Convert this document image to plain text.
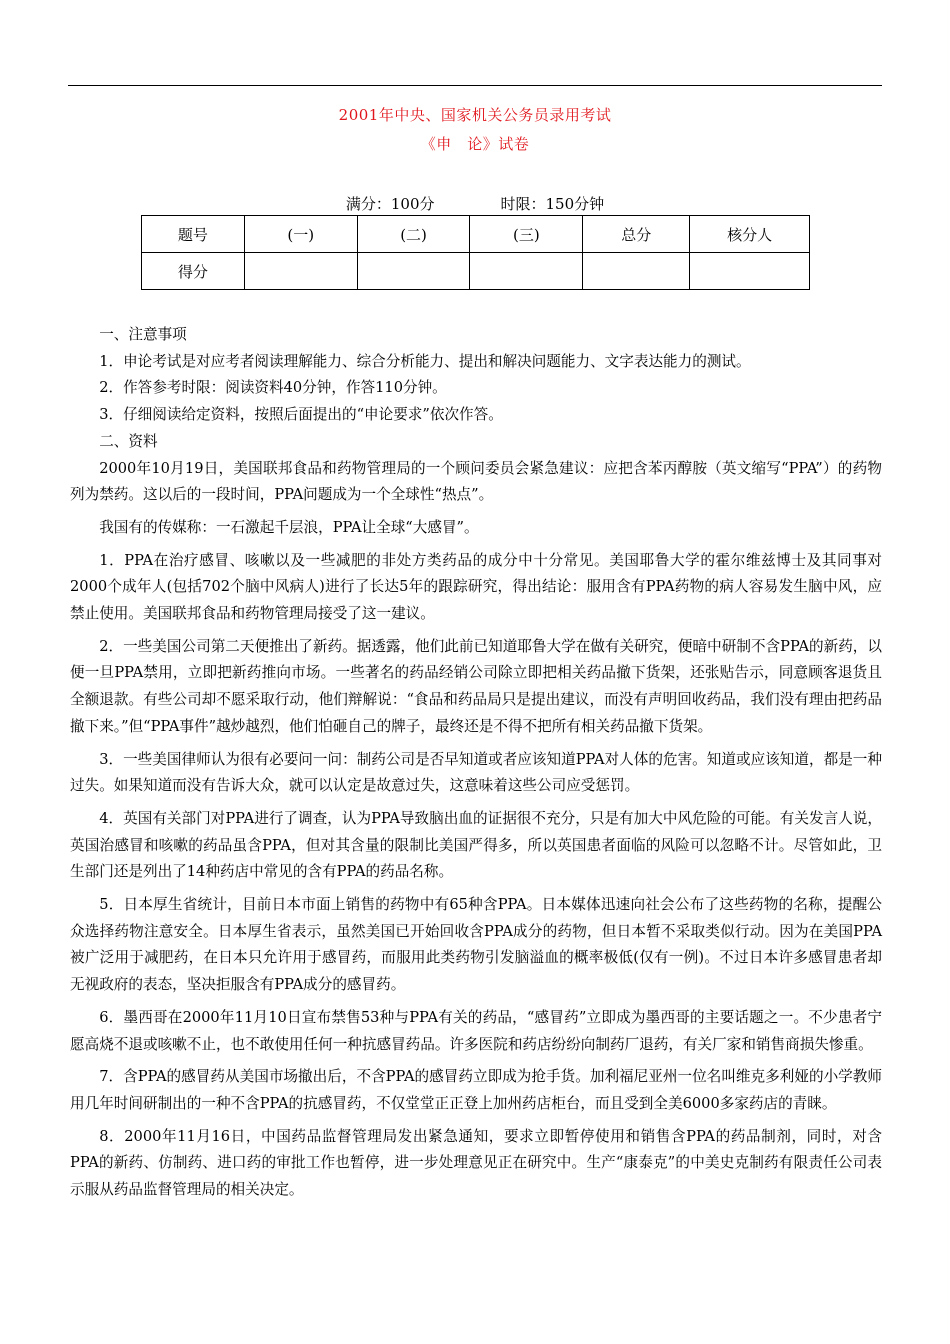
2001年中央、国家机关公务员录用考试
《申　论》试卷
满分：100分	时限：150分钟
题号	(一)	(二)	(三)	总分	核分人
得分					

一、注意事项

1．申论考试是对应考者阅读理解能力、综合分析能力、提出和解决问题能力、文字表达能力的测试。

2．作答参考时限：阅读资料40分钟，作答110分钟。

3．仔细阅读给定资料，按照后面提出的“申论要求”依次作答。

二、资料

2000年10月19日，美国联邦食品和药物管理局的一个顾问委员会紧急建议：应把含苯丙醇胺（英文缩写“PPA”）的药物列为禁药。这以后的一段时间，PPA问题成为一个全球性“热点”。

我国有的传媒称：一石激起千层浪，PPA让全球“大感冒”。

1．PPA在治疗感冒、咳嗽以及一些减肥的非处方类药品的成分中十分常见。美国耶鲁大学的霍尔维兹博士及其同事对2000个成年人(包括702个脑中风病人)进行了长达5年的跟踪研究，得出结论：服用含有PPA药物的病人容易发生脑中风，应禁止使用。美国联邦食品和药物管理局接受了这一建议。

2．一些美国公司第二天便推出了新药。据透露，他们此前已知道耶鲁大学在做有关研究，便暗中研制不含PPA的新药，以便一旦PPA禁用，立即把新药推向市场。一些著名的药品经销公司除立即把相关药品撤下货架，还张贴告示，同意顾客退货且全额退款。有些公司却不愿采取行动，他们辩解说：“食品和药品局只是提出建议，而没有声明回收药品，我们没有理由把药品撤下来。”但“PPA事件”越炒越烈，他们怕砸自己的牌子，最终还是不得不把所有相关药品撤下货架。

3．一些美国律师认为很有必要问一问：制药公司是否早知道或者应该知道PPA对人体的危害。知道或应该知道，都是一种过失。如果知道而没有告诉大众，就可以认定是故意过失，这意味着这些公司应受惩罚。

4．英国有关部门对PPA进行了调查，认为PPA导致脑出血的证据很不充分，只是有加大中风危险的可能。有关发言人说，英国治感冒和咳嗽的药品虽含PPA，但对其含量的限制比美国严得多，所以英国患者面临的风险可以忽略不计。尽管如此，卫生部门还是列出了14种药店中常见的含有PPA的药品名称。

5．日本厚生省统计，目前日本市面上销售的药物中有65种含PPA。日本媒体迅速向社会公布了这些药物的名称，提醒公众选择药物注意安全。日本厚生省表示，虽然美国已开始回收含PPA成分的药物，但日本暂不采取类似行动。因为在美国PPA被广泛用于减肥药，在日本只允许用于感冒药，而服用此类药物引发脑溢血的概率极低(仅有一例)。不过日本许多感冒患者却无视政府的表态，坚决拒服含有PPA成分的感冒药。

6．墨西哥在2000年11月10日宣布禁售53种与PPA有关的药品，“感冒药”立即成为墨西哥的主要话题之一。不少患者宁愿高烧不退或咳嗽不止，也不敢使用任何一种抗感冒药品。许多医院和药店纷纷向制药厂退药，有关厂家和销售商损失惨重。

7．含PPA的感冒药从美国市场撤出后，不含PPA的感冒药立即成为抢手货。加利福尼亚州一位名叫维克多利娅的小学教师用几年时间研制出的一种不含PPA的抗感冒药，不仅堂堂正正登上加州药店柜台，而且受到全美6000多家药店的青睐。

8．2000年11月16日，中国药品监督管理局发出紧急通知，要求立即暂停使用和销售含PPA的药品制剂，同时，对含PPA的新药、仿制药、进口药的审批工作也暂停，进一步处理意见正在研究中。生产“康泰克”的中美史克制药有限责任公司表示服从药品监督管理局的相关决定。
